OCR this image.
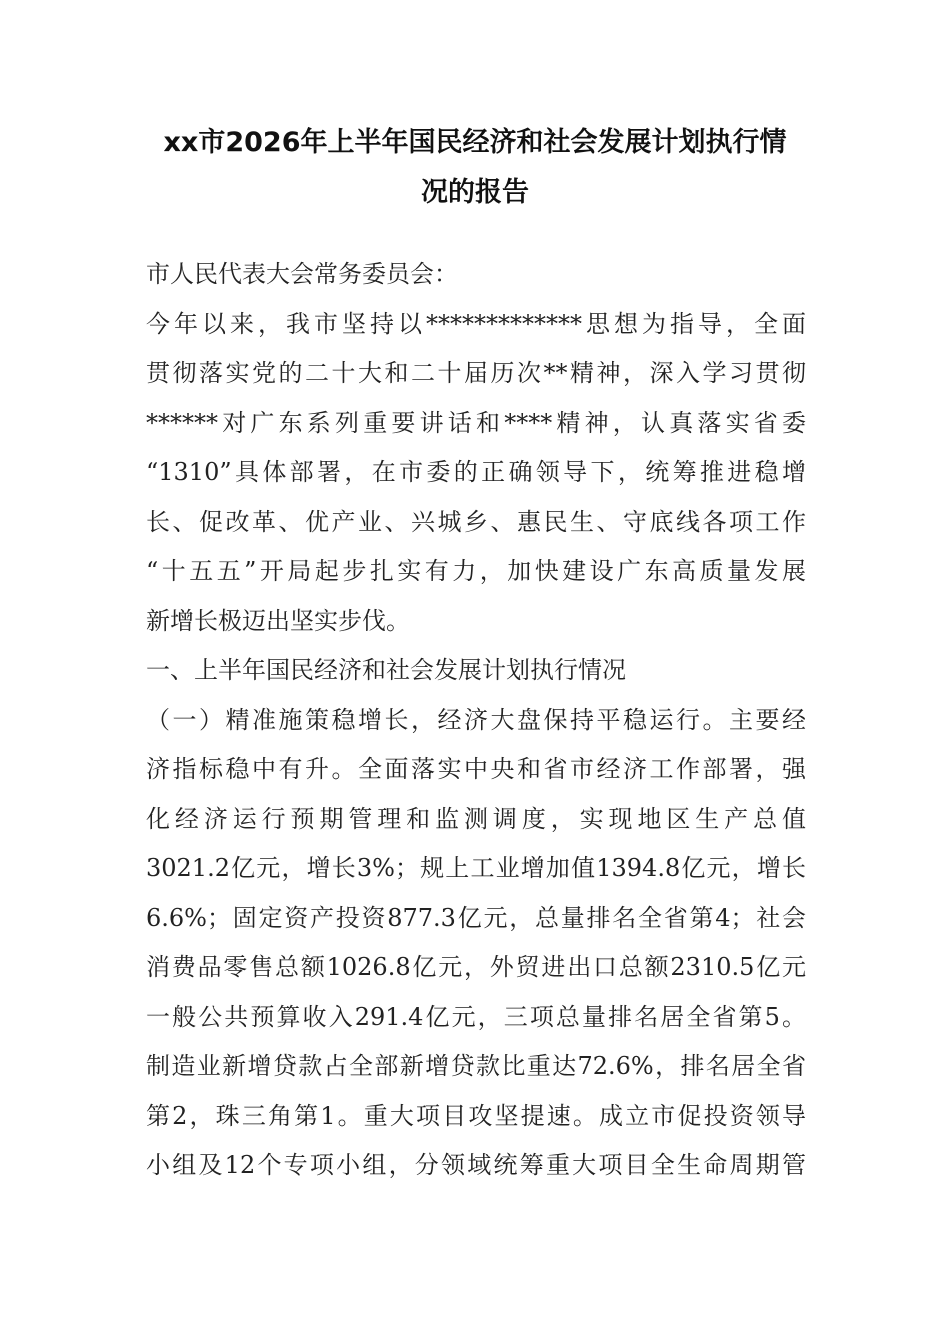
xx市2026年上半年国民经济和社会发展计划执行情
况的报告
市人民代表大会常务委员会：
今年以来，我市坚持以*************思想为指导，全面
贯彻落实党的二十大和二十届历次**精神，深入学习贯彻
******对广东系列重要讲话和****精神，认真落实省委
“1310”具体部署，在市委的正确领导下，统筹推进稳增
长、促改革、优产业、兴城乡、惠民生、守底线各项工作
“十五五”开局起步扎实有力，加快建设广东高质量发展
新增长极迈出坚实步伐。
一、上半年国民经济和社会发展计划执行情况
（一）精准施策稳增长，经济大盘保持平稳运行。主要经
济指标稳中有升。全面落实中央和省市经济工作部署，强
化经济运行预期管理和监测调度，实现地区生产总值
3021.2亿元，增长3%；规上工业增加值1394.8亿元，增长
6.6%；固定资产投资877.3亿元，总量排名全省第4；社会
消费品零售总额1026.8亿元，外贸进出口总额2310.5亿元
一般公共预算收入291.4亿元，三项总量排名居全省第5。
制造业新增贷款占全部新增贷款比重达72.6%，排名居全省
第2，珠三角第1。重大项目攻坚提速。成立市促投资领导
小组及12个专项小组，分领域统筹重大项目全生命周期管
